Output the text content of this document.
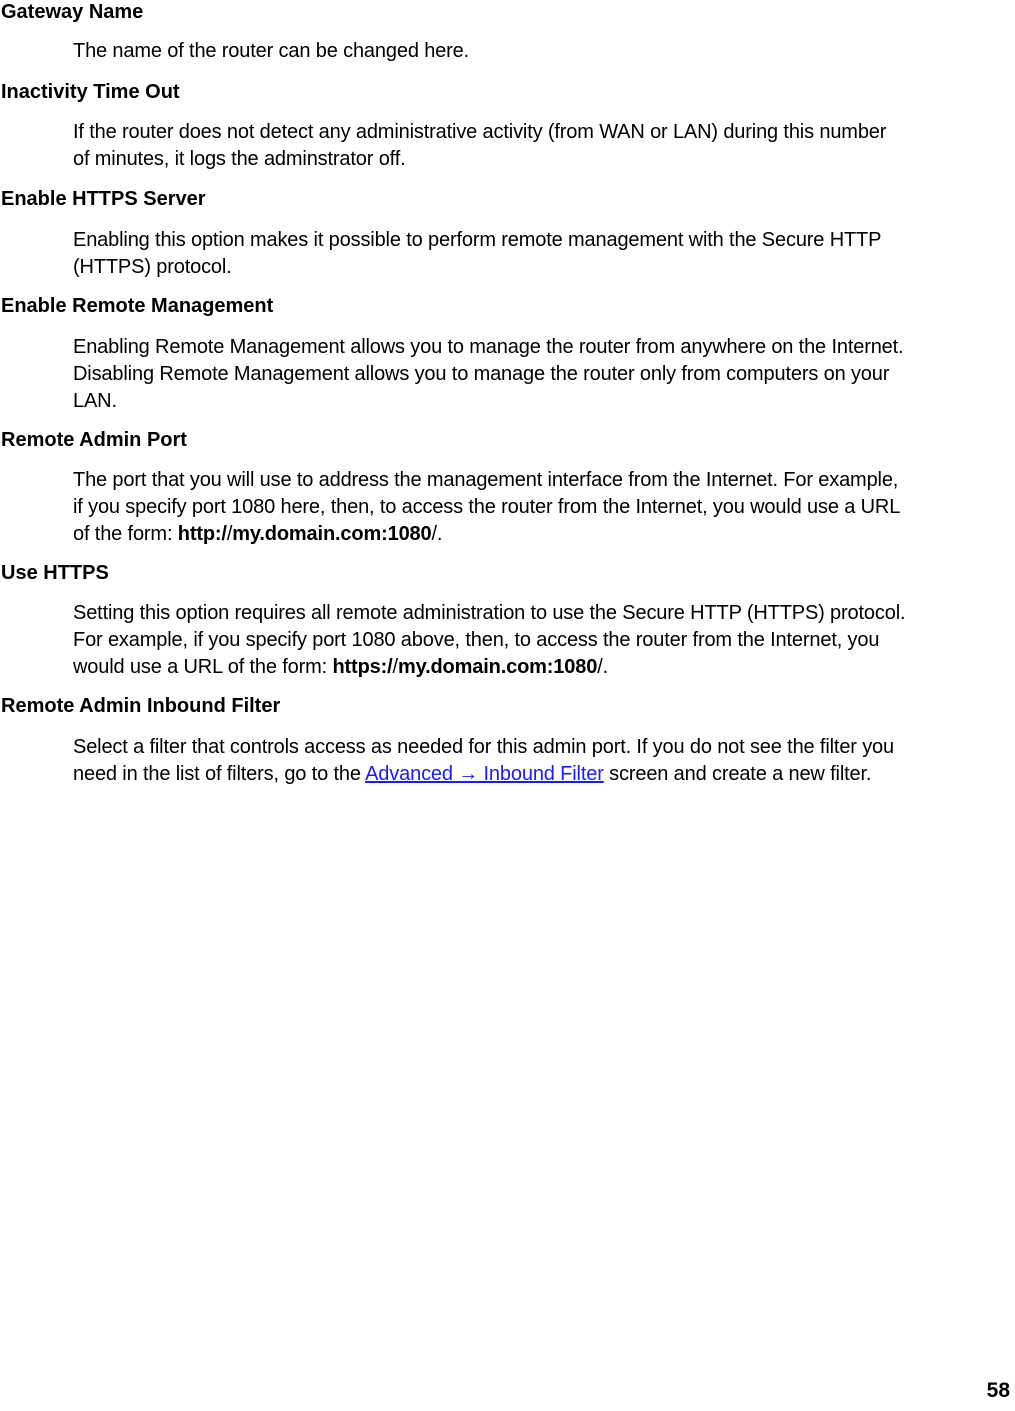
Gateway Name
The name of the router can be changed here.
Inactivity Time Out
If the router does not detect any administrative activity (from WAN or LAN) during this number
of minutes, it logs the adminstrator off.
Enable HTTPS Server
Enabling this option makes it possible to perform remote management with the Secure HTTP
(HTTPS) protocol.
Enable Remote Management
Enabling Remote Management allows you to manage the router from anywhere on the Internet.
Disabling Remote Management allows you to manage the router only from computers on your
LAN.
Remote Admin Port
The port that you will use to address the management interface from the Internet. For example,
if you specify port 1080 here, then, to access the router from the Internet, you would use a URL
of the form: http://my.domain.com:1080/.
Use HTTPS
Setting this option requires all remote administration to use the Secure HTTP (HTTPS) protocol.
For example, if you specify port 1080 above, then, to access the router from the Internet, you
would use a URL of the form: https://my.domain.com:1080/.
Remote Admin Inbound Filter
Select a filter that controls access as needed for this admin port. If you do not see the filter you
need in the list of filters, go to the Advanced → Inbound Filter screen and create a new filter.
58
